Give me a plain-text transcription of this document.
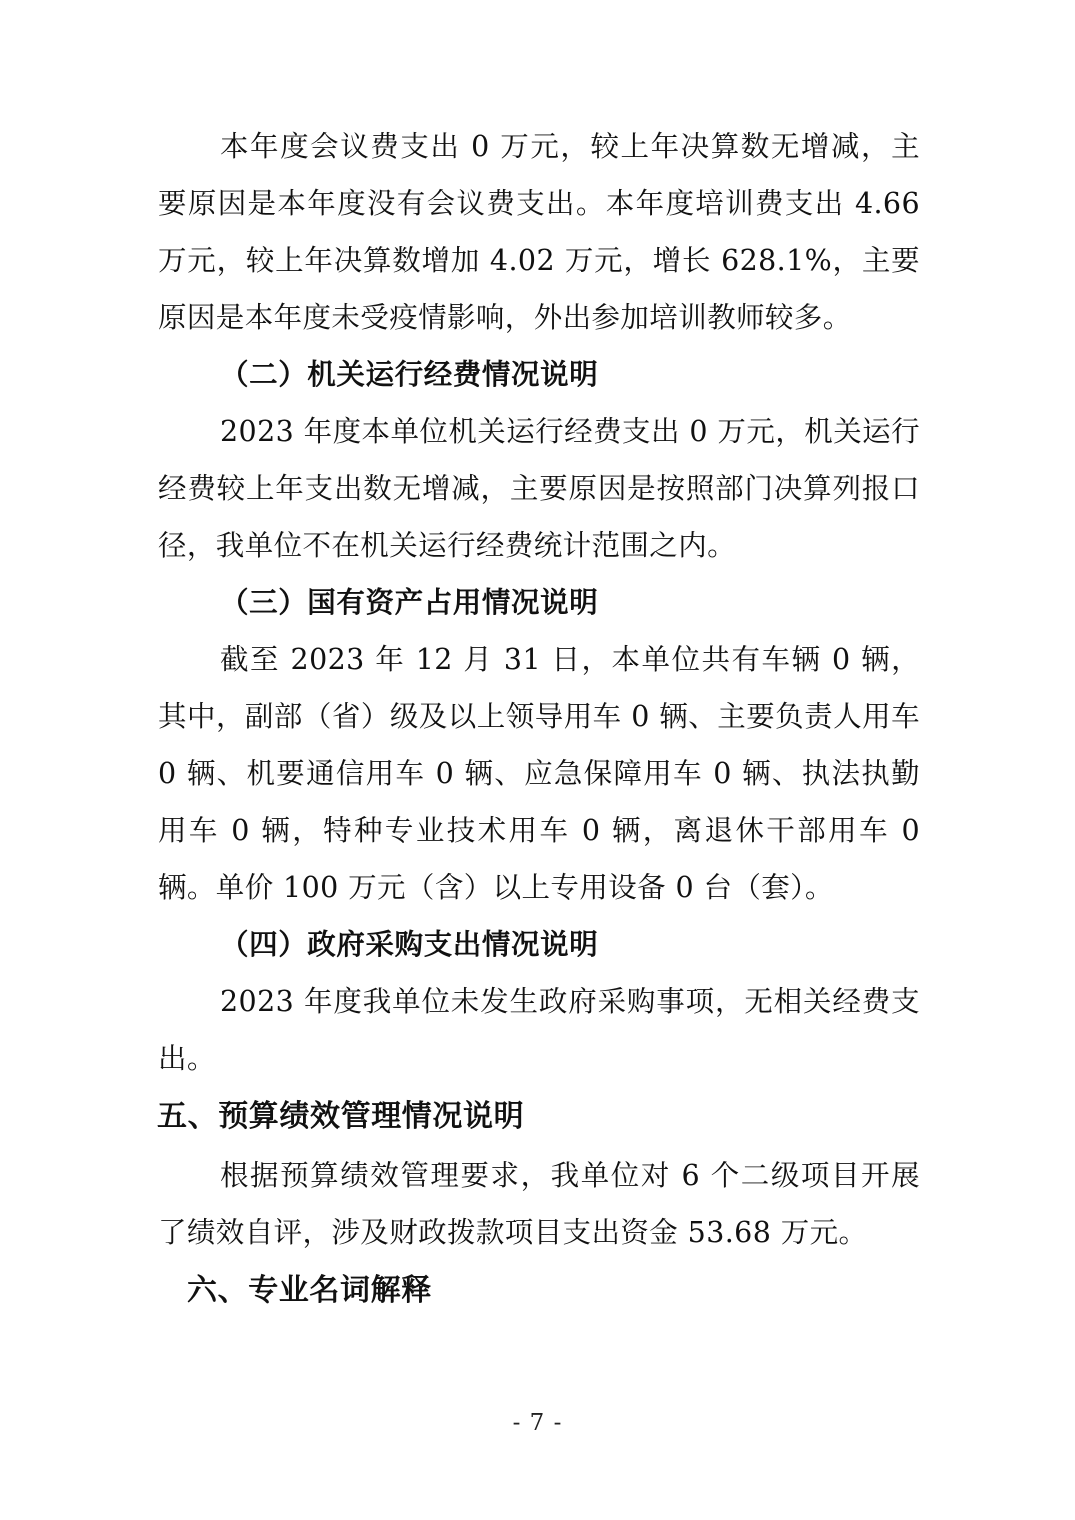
本年度会议费支出 0 万元，较上年决算数无增减，主要原因是本年度没有会议费支出。本年度培训费支出 4.66 万元，较上年决算数增加 4.02 万元，增长 628.1%，主要原因是本年度未受疫情影响，外出参加培训教师较多。

（二）机关运行经费情况说明

2023 年度本单位机关运行经费支出 0 万元，机关运行经费较上年支出数无增减，主要原因是按照部门决算列报口径，我单位不在机关运行经费统计范围之内。

（三）国有资产占用情况说明

截至 2023 年 12 月 31 日，本单位共有车辆 0 辆，其中，副部（省）级及以上领导用车 0 辆、主要负责人用车 0 辆、机要通信用车 0 辆、应急保障用车 0 辆、执法执勤用车 0 辆，特种专业技术用车 0 辆，离退休干部用车 0 辆。单价 100 万元（含）以上专用设备 0 台（套）。

（四）政府采购支出情况说明

2023 年度我单位未发生政府采购事项，无相关经费支出。

五、预算绩效管理情况说明

根据预算绩效管理要求，我单位对 6 个二级项目开展了绩效自评，涉及财政拨款项目支出资金 53.68 万元。

六、专业名词解释
- 7 -
